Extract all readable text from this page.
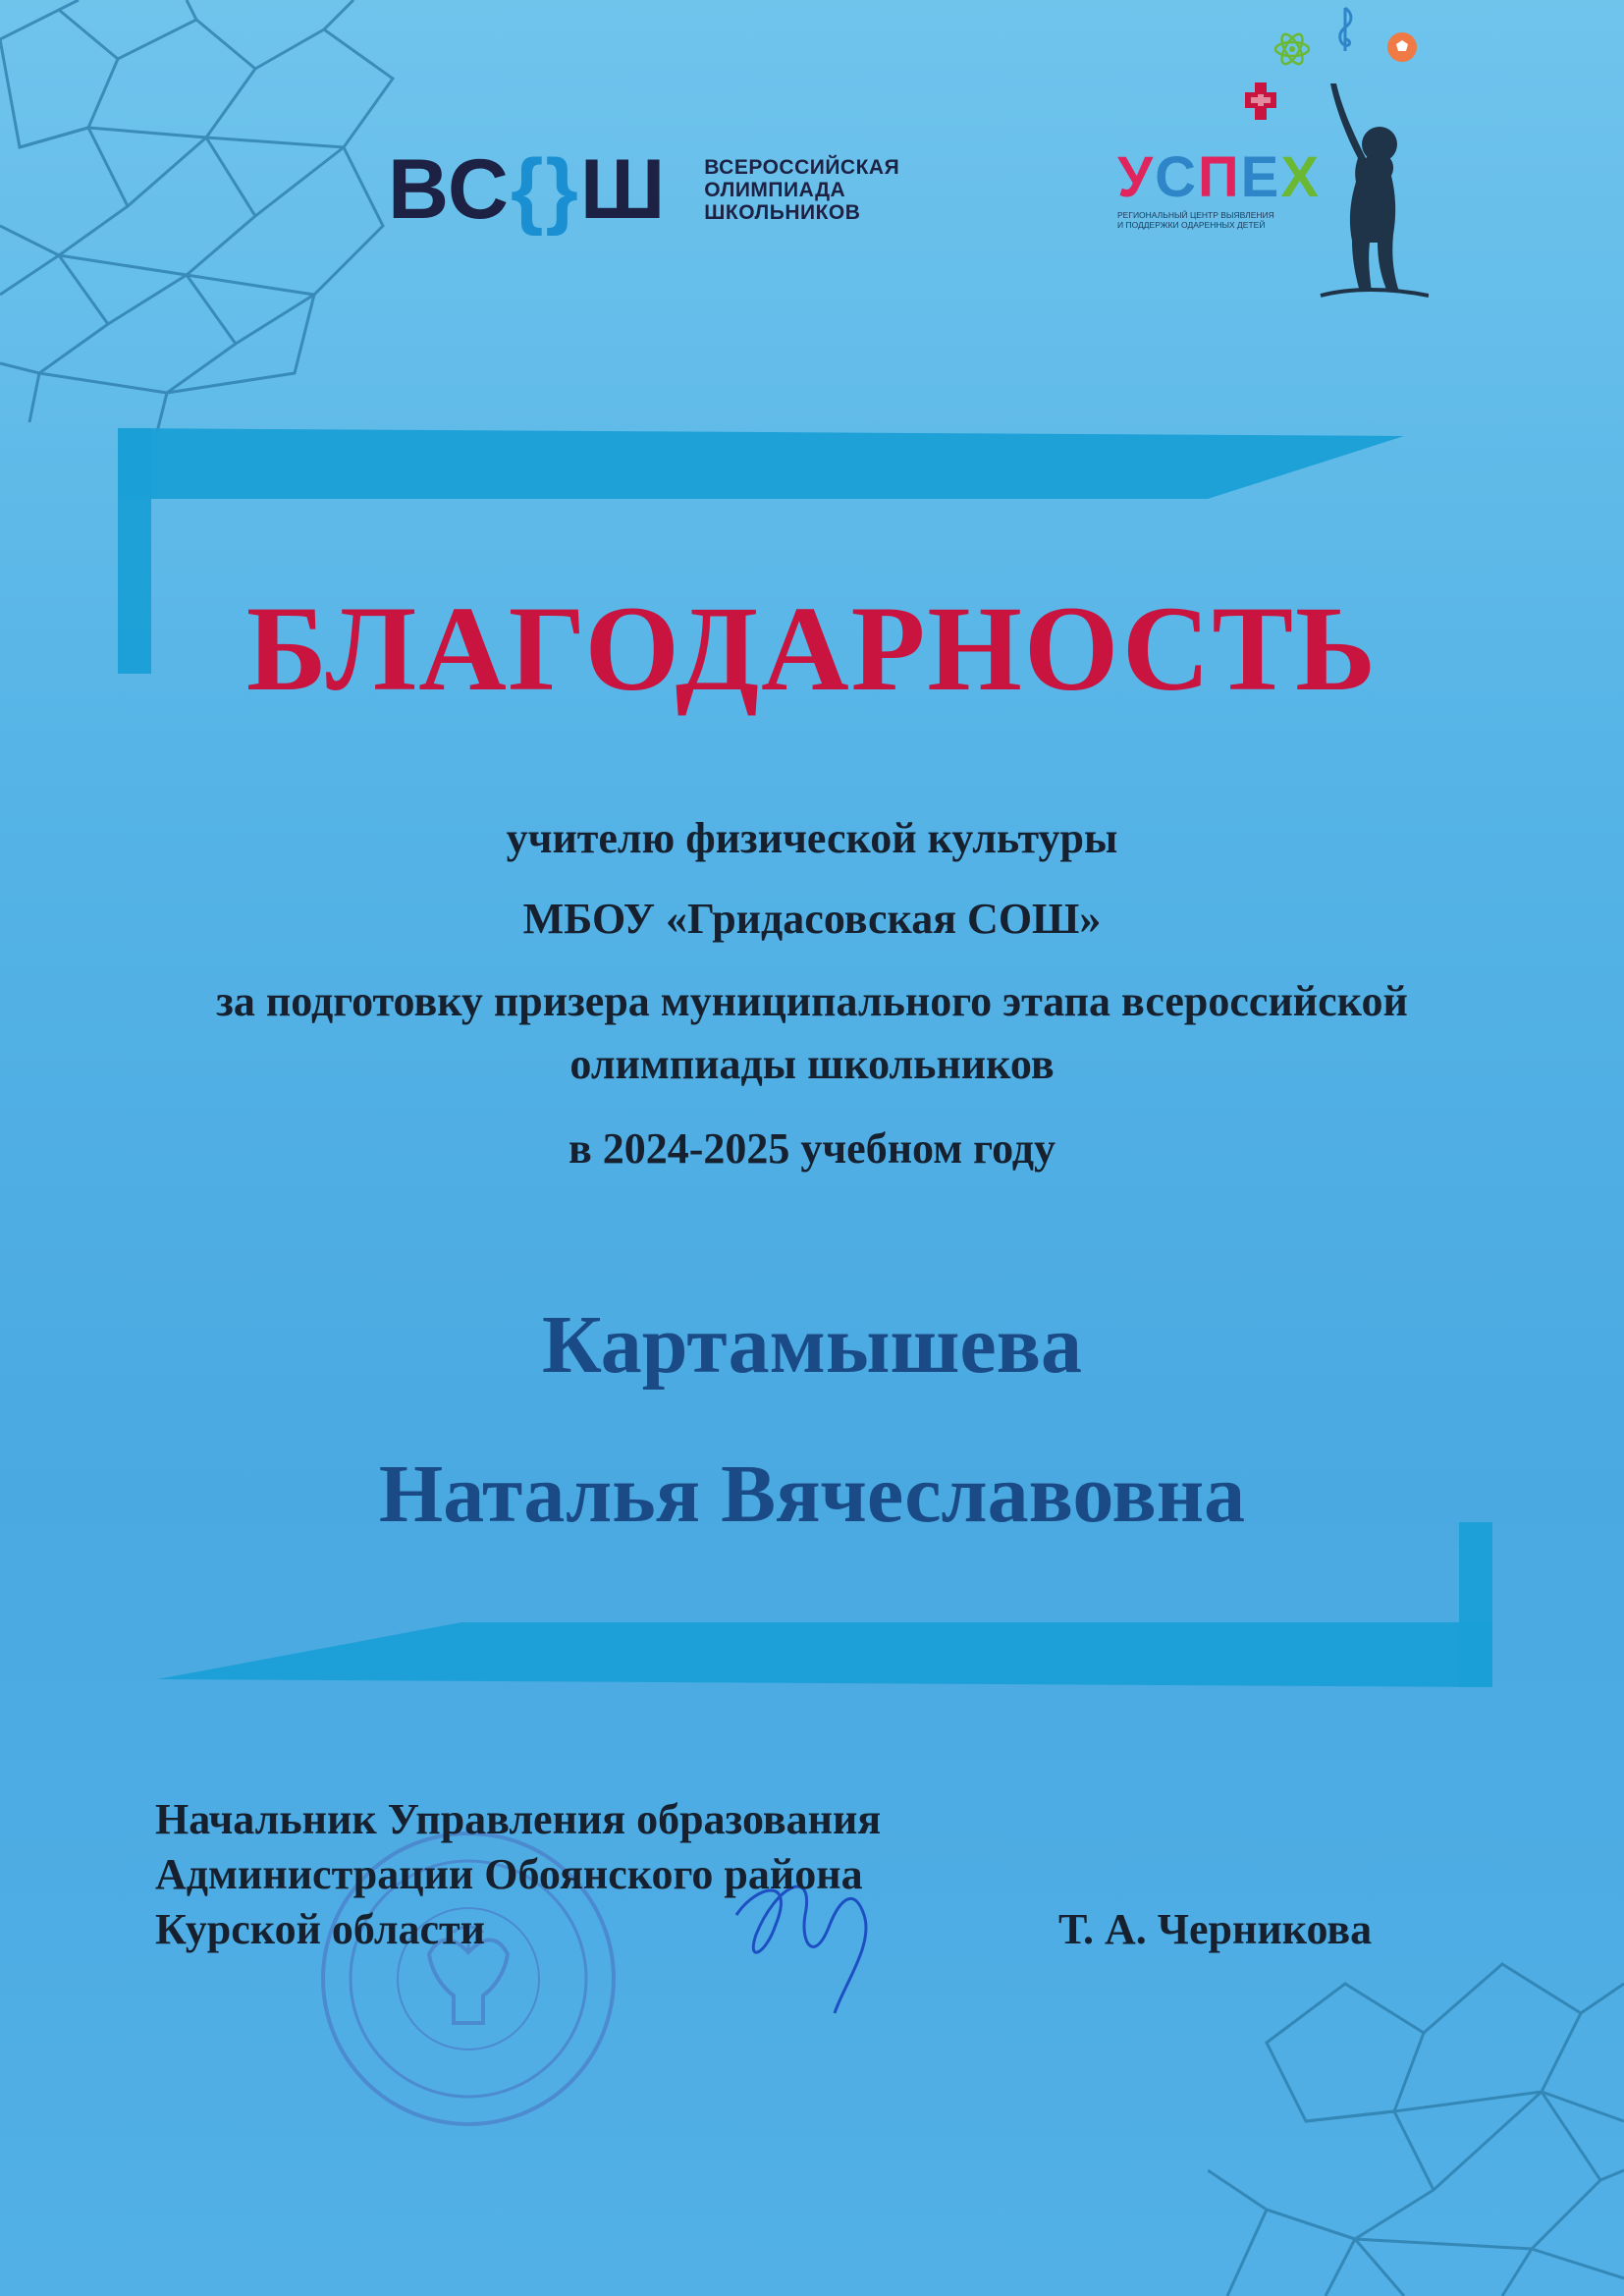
ВС{}Ш ВСЕРОССИЙСКАЯ
ОЛИМПИАДА
ШКОЛЬНИКОВ
УСПЕХ
РЕГИОНАЛЬНЫЙ ЦЕНТР ВЫЯВЛЕНИЯ
И ПОДДЕРЖКИ ОДАРЕННЫХ ДЕТЕЙ
БЛАГОДАРНОСТЬ
учителю физической культуры
МБОУ «Гридасовская СОШ»
за подготовку призера муниципального этапа всероссийской
олимпиады школьников
в 2024-2025 учебном году
Картамышева
Наталья Вячеславовна
Начальник Управления образования
Администрации Обоянского района
Курской области	Т. А. Черникова
